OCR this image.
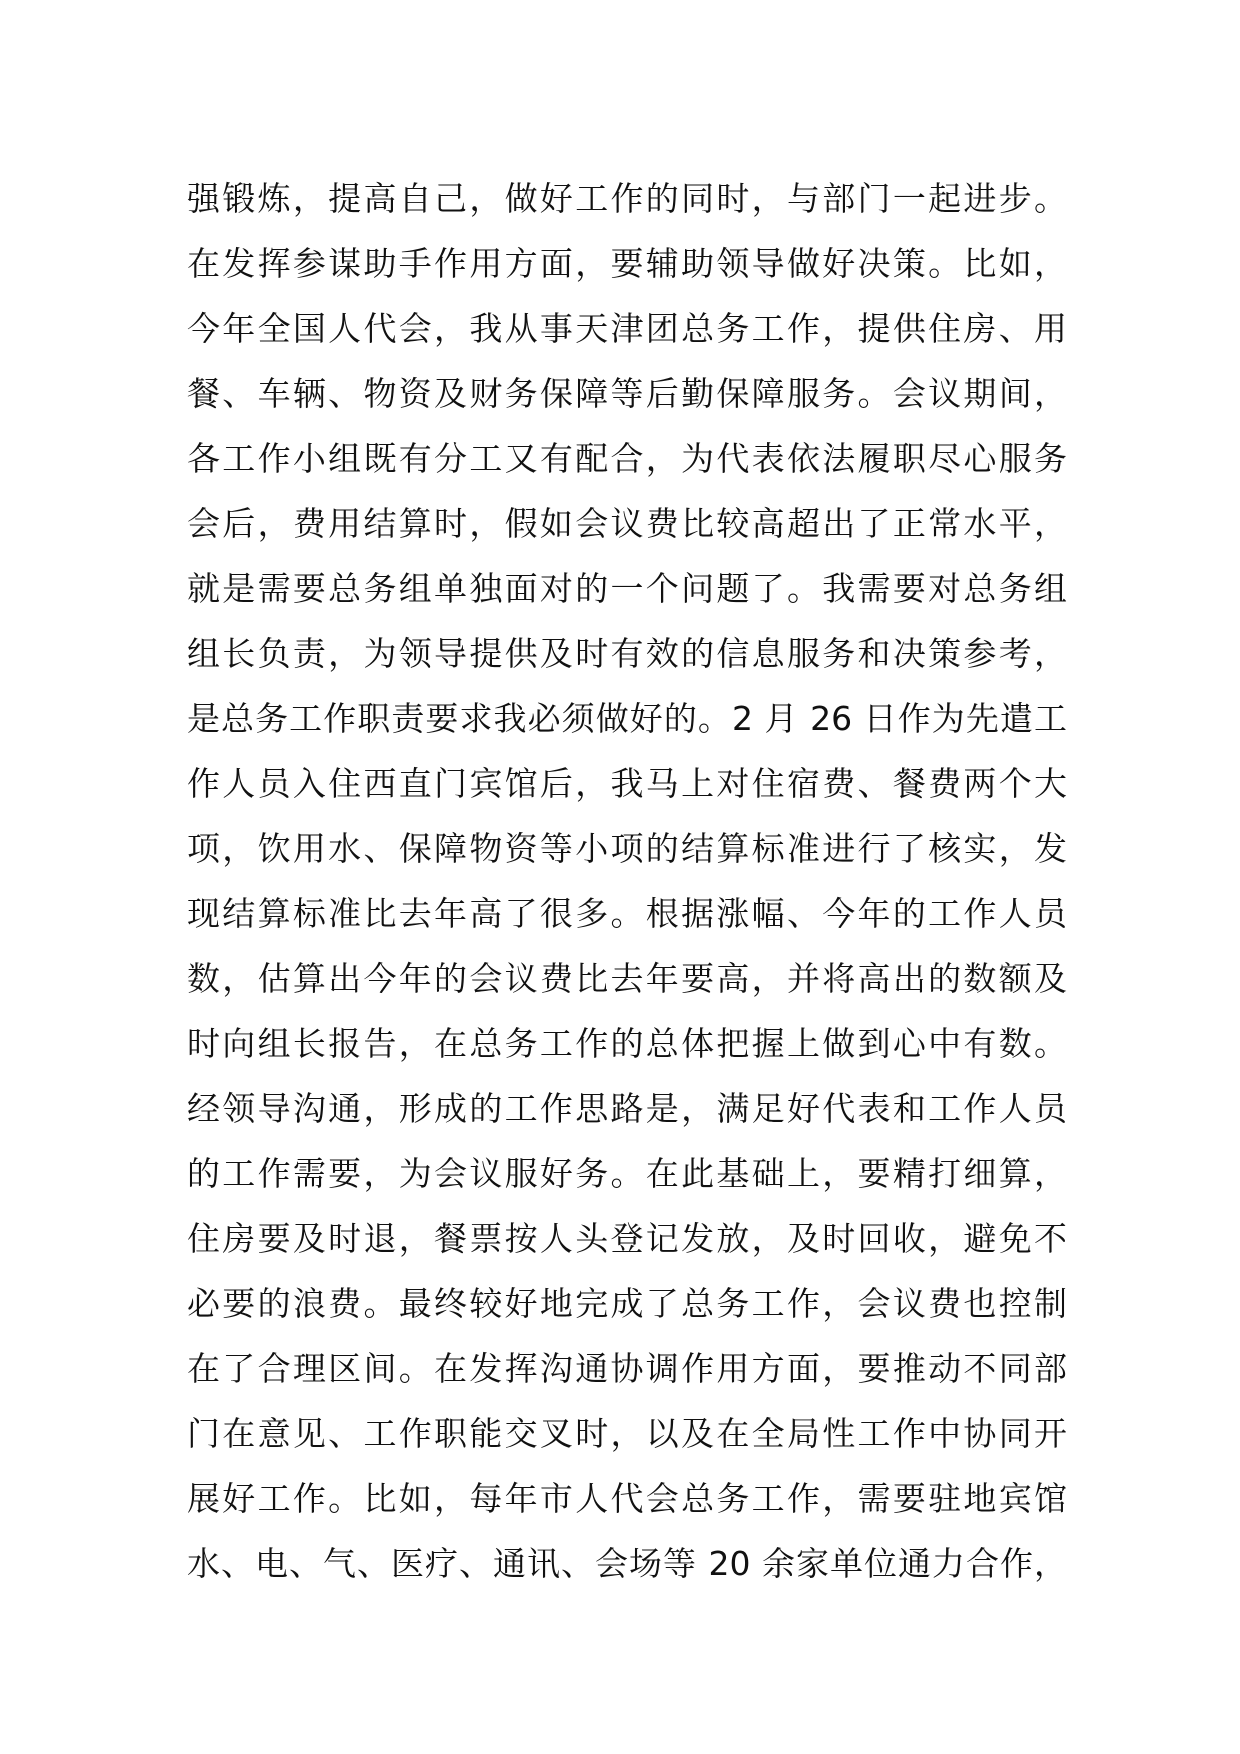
强锻炼，提高自己，做好工作的同时，与部门一起进步。
在发挥参谋助手作用方面，要辅助领导做好决策。比如，
今年全国人代会，我从事天津团总务工作，提供住房、用
餐、车辆、物资及财务保障等后勤保障服务。会议期间，
各工作小组既有分工又有配合，为代表依法履职尽心服务
会后，费用结算时，假如会议费比较高超出了正常水平，
就是需要总务组单独面对的一个问题了。我需要对总务组
组长负责，为领导提供及时有效的信息服务和决策参考，
是总务工作职责要求我必须做好的。2 月 26 日作为先遣工
作人员入住西直门宾馆后，我马上对住宿费、餐费两个大
项，饮用水、保障物资等小项的结算标准进行了核实，发
现结算标准比去年高了很多。根据涨幅、今年的工作人员
数，估算出今年的会议费比去年要高，并将高出的数额及
时向组长报告，在总务工作的总体把握上做到心中有数。
经领导沟通，形成的工作思路是，满足好代表和工作人员
的工作需要，为会议服好务。在此基础上，要精打细算，
住房要及时退，餐票按人头登记发放，及时回收，避免不
必要的浪费。最终较好地完成了总务工作，会议费也控制
在了合理区间。在发挥沟通协调作用方面，要推动不同部
门在意见、工作职能交叉时，以及在全局性工作中协同开
展好工作。比如，每年市人代会总务工作，需要驻地宾馆
水、电、气、医疗、通讯、会场等 20 余家单位通力合作，
